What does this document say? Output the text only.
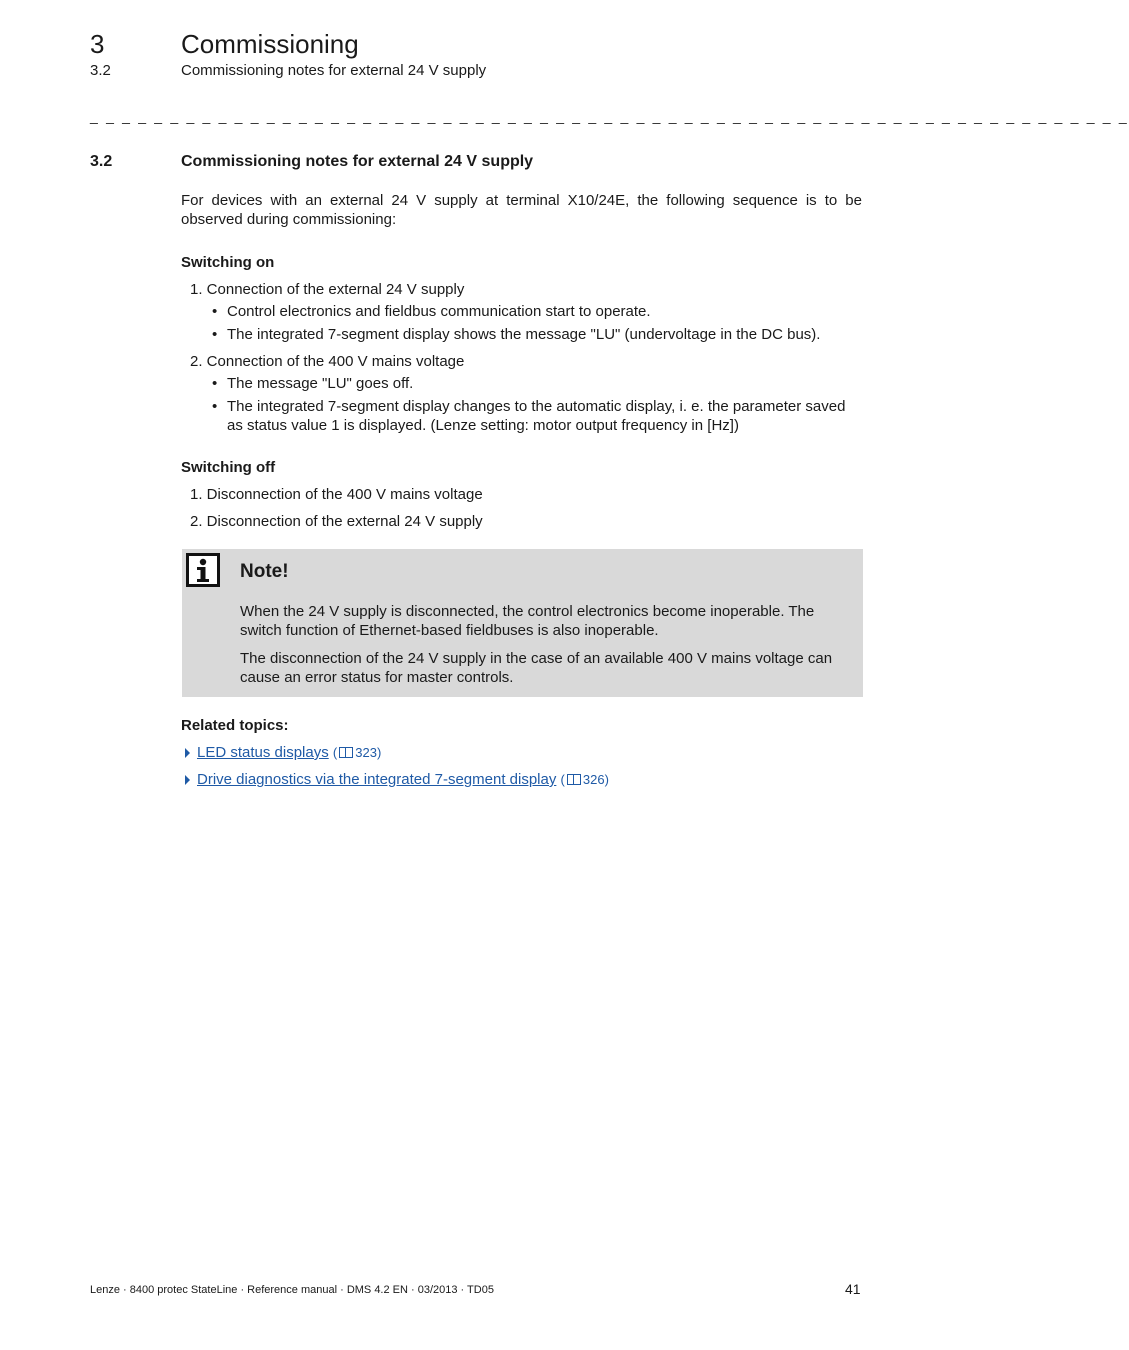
3	Commissioning
3.2	Commissioning notes for external 24 V supply
_ _ _ _ _ _ _ _ _ _ _ _ _ _ _ _ _ _ _ _ _ _ _ _ _ _ _ _ _ _ _ _ _ _ _ _ _ _ _ _ _ _ _ _ _ _ _ _ _ _ _ _ _ _ _ _ _ _ _ _ _ _ _ _ _
3.2	Commissioning notes for external 24 V supply
For devices with an external 24 V supply at terminal X10/24E, the following sequence is to be observed during commissioning:
Switching on
1. Connection of the external 24 V supply
• Control electronics and fieldbus communication start to operate.
• The integrated 7-segment display shows the message "LU" (undervoltage in the DC bus).
2. Connection of the 400 V mains voltage
• The message "LU" goes off.
• The integrated 7-segment display changes to the automatic display, i. e. the parameter saved as status value 1 is displayed. (Lenze setting: motor output frequency in [Hz])
Switching off
1. Disconnection of the 400 V mains voltage
2. Disconnection of the external 24 V supply
Note!
When the 24 V supply is disconnected, the control electronics become inoperable. The switch function of Ethernet-based fieldbuses is also inoperable.
The disconnection of the 24 V supply in the case of an available 400 V mains voltage can cause an error status for master controls.
Related topics:
LED status displays ( 323)
Drive diagnostics via the integrated 7-segment display ( 326)
Lenze · 8400 protec StateLine · Reference manual · DMS 4.2 EN · 03/2013 · TD05	41
